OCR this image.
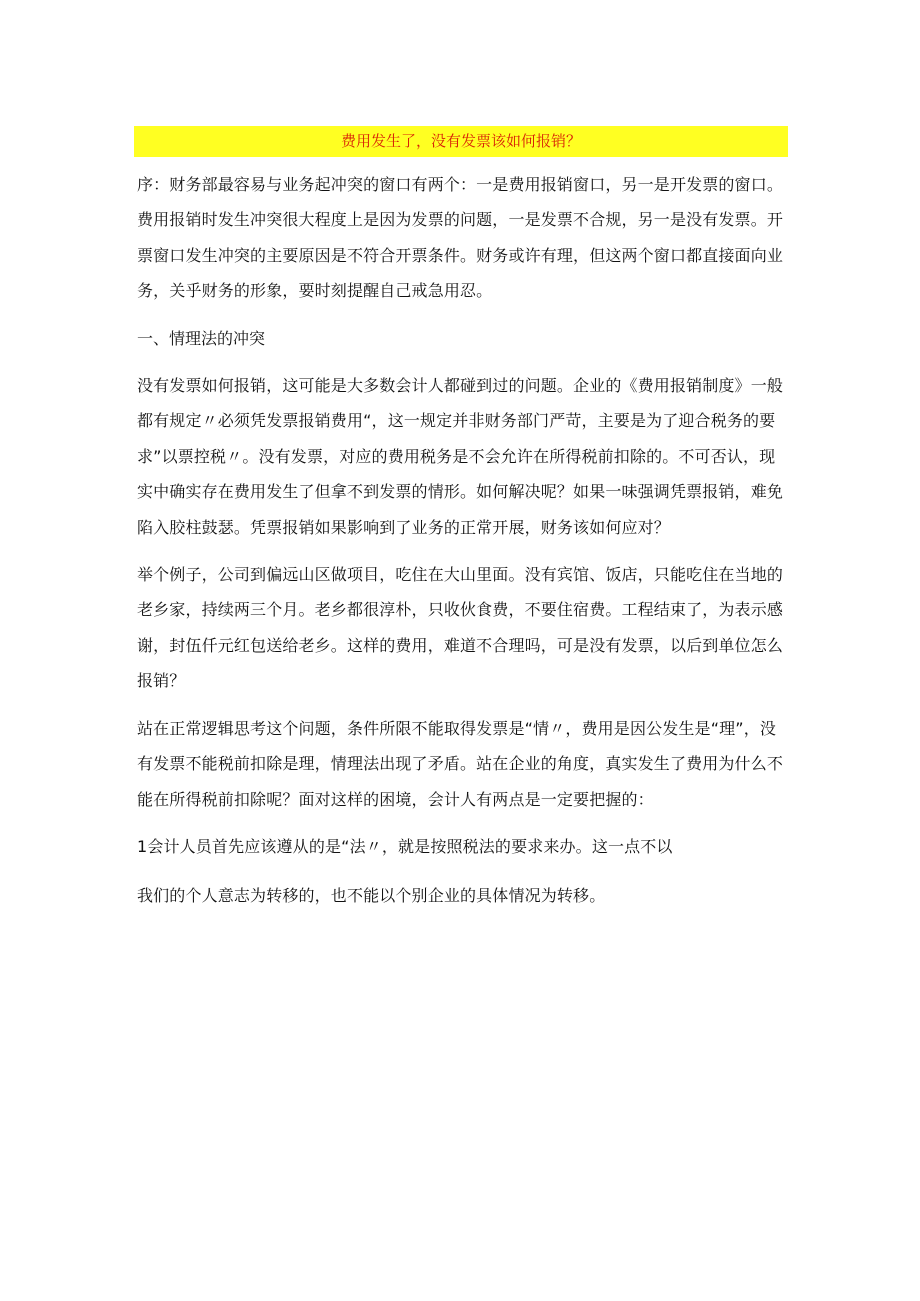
费用发生了，没有发票该如何报销？

序：财务部最容易与业务起冲突的窗口有两个：一是费用报销窗口，另一是开发票的窗口。费用报销时发生冲突很大程度上是因为发票的问题，一是发票不合规，另一是没有发票。开票窗口发生冲突的主要原因是不符合开票条件。财务或许有理，但这两个窗口都直接面向业务，关乎财务的形象，要时刻提醒自己戒急用忍。

一、情理法的冲突

没有发票如何报销，这可能是大多数会计人都碰到过的问题。企业的《费用报销制度》一般都有规定〃必须凭发票报销费用“，这一规定并非财务部门严苛，主要是为了迎合税务的要求”以票控税〃。没有发票，对应的费用税务是不会允许在所得税前扣除的。不可否认，现实中确实存在费用发生了但拿不到发票的情形。如何解决呢？如果一味强调凭票报销，难免陷入胶柱鼓瑟。凭票报销如果影响到了业务的正常开展，财务该如何应对？

举个例子，公司到偏远山区做项目，吃住在大山里面。没有宾馆、饭店，只能吃住在当地的老乡家，持续两三个月。老乡都很淳朴，只收伙食费，不要住宿费。工程结束了，为表示感谢，封伍仟元红包送给老乡。这样的费用，难道不合理吗，可是没有发票，以后到单位怎么报销？

站在正常逻辑思考这个问题，条件所限不能取得发票是“情〃，费用是因公发生是“理”，没有发票不能税前扣除是理，情理法出现了矛盾。站在企业的角度，真实发生了费用为什么不能在所得税前扣除呢？面对这样的困境，会计人有两点是一定要把握的：

1会计人员首先应该遵从的是“法〃，就是按照税法的要求来办。这一点不以

我们的个人意志为转移的，也不能以个别企业的具体情况为转移。
